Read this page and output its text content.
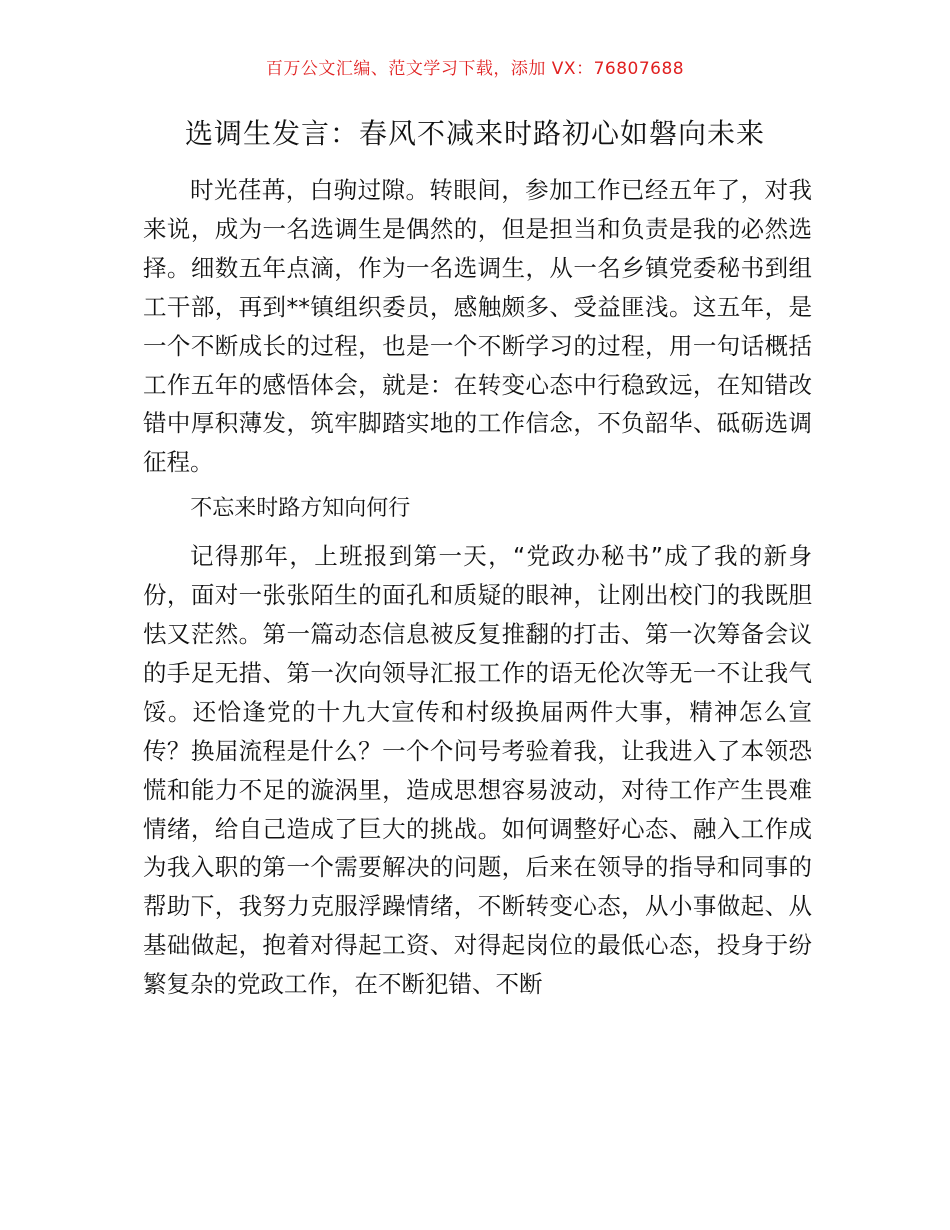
百万公文汇编、范文学习下载，添加 VX：76807688
选调生发言：春风不减来时路初心如磐向未来

时光荏苒，白驹过隙。转眼间，参加工作已经五年了，对我来说，成为一名选调生是偶然的，但是担当和负责是我的必然选择。细数五年点滴，作为一名选调生，从一名乡镇党委秘书到组工干部，再到**镇组织委员，感触颇多、受益匪浅。这五年，是一个不断成长的过程，也是一个不断学习的过程，用一句话概括工作五年的感悟体会，就是：在转变心态中行稳致远，在知错改错中厚积薄发，筑牢脚踏实地的工作信念，不负韶华、砥砺选调征程。

不忘来时路方知向何行

记得那年，上班报到第一天，“党政办秘书”成了我的新身份，面对一张张陌生的面孔和质疑的眼神，让刚出校门的我既胆怯又茫然。第一篇动态信息被反复推翻的打击、第一次筹备会议的手足无措、第一次向领导汇报工作的语无伦次等无一不让我气馁。还恰逢党的十九大宣传和村级换届两件大事，精神怎么宣传？换届流程是什么？一个个问号考验着我，让我进入了本领恐慌和能力不足的漩涡里，造成思想容易波动，对待工作产生畏难情绪，给自己造成了巨大的挑战。如何调整好心态、融入工作成为我入职的第一个需要解决的问题，后来在领导的指导和同事的帮助下，我努力克服浮躁情绪，不断转变心态，从小事做起、从基础做起，抱着对得起工资、对得起岗位的最低心态，投身于纷繁复杂的党政工作，在不断犯错、不断
